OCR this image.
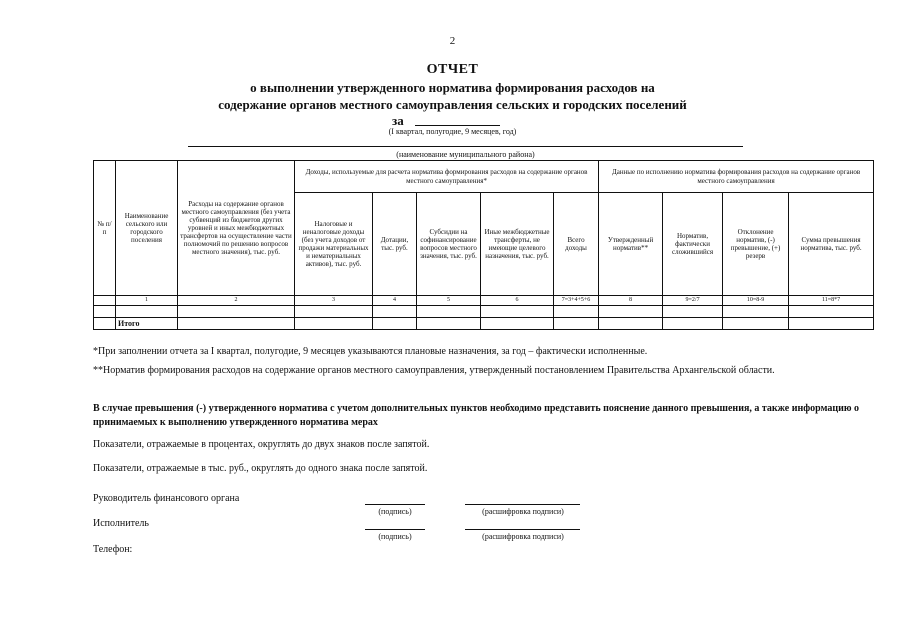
2
ОТЧЕТ
о выполнении утвержденного норматива формирования расходов на
содержание органов местного самоуправления сельских и городских поселений
за
(I квартал, полугодие, 9 месяцев, год)
(наименование муниципального района)
№ п/п	Наименование сельского или городского поселения	Расходы на содержание органов местного самоуправления (без учета субвенций из бюджетов других уровней и иных межбюджетных трансфертов на осуществление части полномочий по решению вопросов местного значения), тыс. руб.	Доходы, используемые для расчета норматива формирования расходов на содержание органов местного самоуправления*					Данные по исполнению норматива формирования расходов на содержание органов местного самоуправления			
			Налоговые и неналоговые доходы (без учета доходов от продажи материальных и нематериальных активов), тыс. руб.	Дотации, тыс. руб.	Субсидии на софинансирование вопросов местного значения, тыс. руб.	Иные межбюджетные трансферты, не имеющие целевого назначения, тыс. руб.	Всего доходы	Утвержденный норматив**	Норматив, фактически сложившийся	Отклонение норматив, (-) превышение, (+) резерв	Сумма превышения норматива, тыс. руб.
	1	2	3	4	5	6	7=3+4+5+6	8	9=2/7	10=8-9	11=8*7

	Итого										
*При заполнении отчета за I квартал, полугодие, 9 месяцев указываются плановые назначения, за год – фактически исполненные.
**Норматив формирования расходов на содержание органов местного самоуправления, утвержденный постановлением Правительства Архангельской области.
В случае превышения (-) утвержденного норматива с учетом дополнительных пунктов необходимо представить пояснение данного превышения, а также информацию о принимаемых к выполнению утвержденного норматива мерах
Показатели, отражаемые в процентах, округлять до двух знаков после запятой.
Показатели, отражаемые в тыс. руб., округлять до одного знака после запятой.
Руководитель финансового органа
(подпись)	(расшифровка подписи)
Исполнитель
(подпись)	(расшифровка подписи)
Телефон:
